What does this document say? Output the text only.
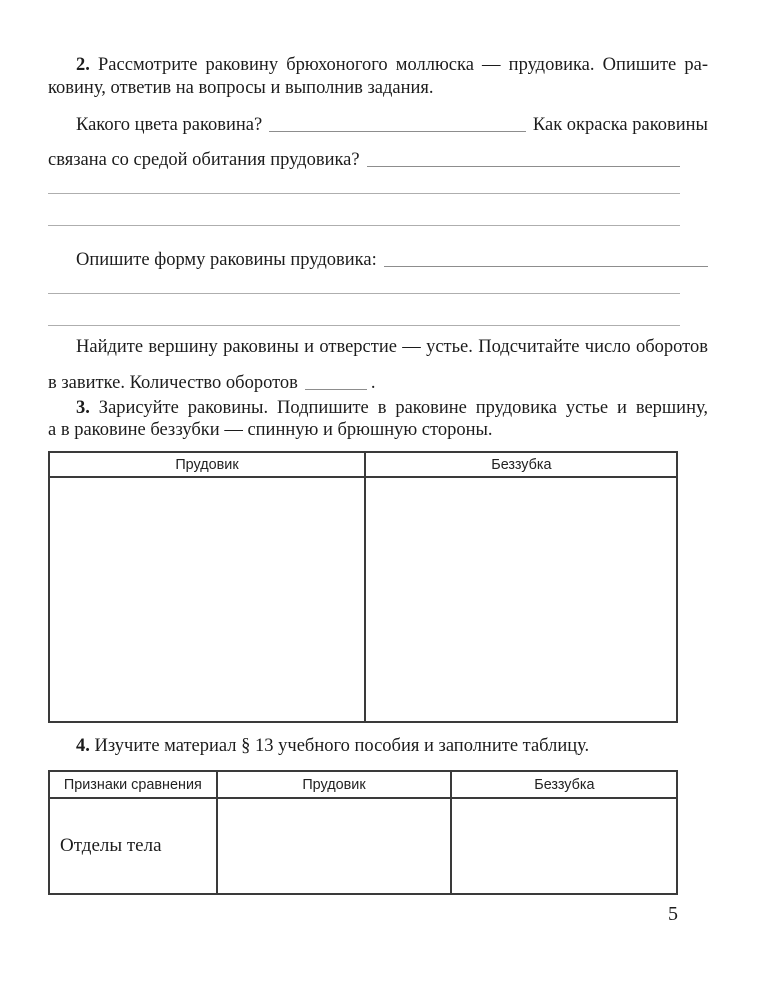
2. Рассмотрите раковину брюхоногого моллюска — прудовика. Опишите ра-
ковину, ответив на вопросы и выполнив задания.
Какого цвета раковина?	Как окраска раковины
связана со средой обитания прудовика?
Опишите форму раковины прудовика:
Найдите вершину раковины и отверстие — устье. Подсчитайте число оборотов
в завитке. Количество оборотов	.
3. Зарисуйте раковины. Подпишите в раковине прудовика устье и вершину,
а в раковине беззубки — спинную и брюшную стороны.
Прудовик	Беззубка
4. Изучите материал § 13 учебного пособия и заполните таблицу.
Признаки сравнения	Прудовик	Беззубка
Отделы тела
5
